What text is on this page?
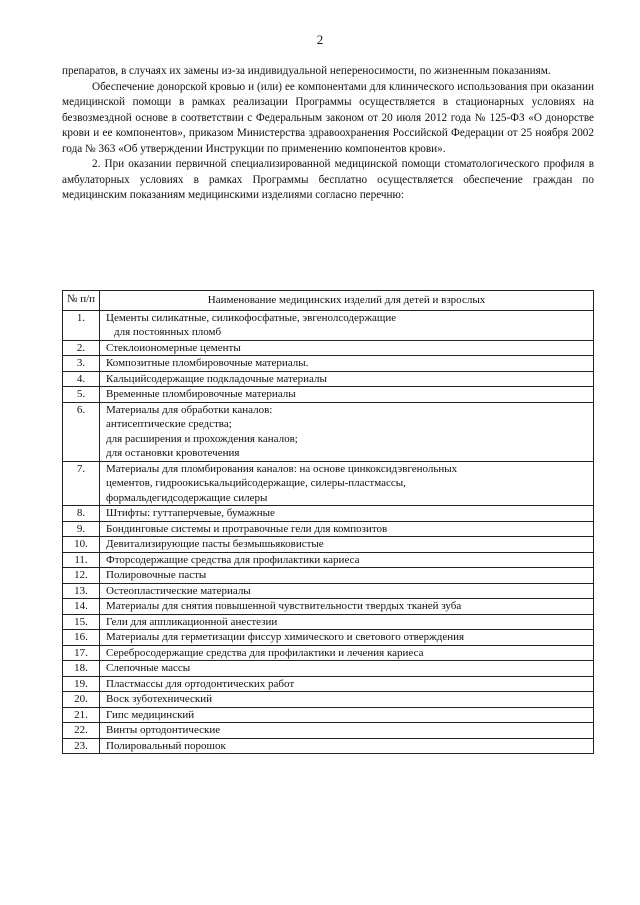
2

препаратов, в случаях их замены из-за индивидуальной непереносимости, по жизненным показаниям.

Обеспечение донорской кровью и (или) ее компонентами для клинического использования при оказании медицинской помощи в рамках реализации Программы осуществляется в стационарных условиях на безвозмездной основе в соответствии с Федеральным законом от 20 июля 2012 года № 125-ФЗ «О донорстве крови и ее компонентов», приказом Министерства здравоохранения Российской Федерации от 25 ноября 2002 года № 363 «Об утверждении Инструкции по применению компонентов крови».

2. При оказании первичной специализированной медицинской помощи стоматологического профиля в амбулаторных условиях в рамках Программы бесплатно осуществляется обеспечение граждан по медицинским показаниям медицинскими изделиями согласно перечню:

№ п/п	Наименование медицинских изделий для детей и взрослых
1.	Цементы силикатные, силикофосфатные, эвгенолсодержащие
для постоянных пломб

2.	Стеклоиономерные цементы

3.	Композитные пломбировочные материалы.

4.	Кальцийсодержащие подкладочные материалы

5.	Временные пломбировочные материалы

6.	Материалы для обработки каналов:
антисептические средства;
для расширения и прохождения каналов;
для остановки кровотечения

7.	Материалы для пломбирования каналов: на основе цинкоксидэвгенольных
цементов, гидроокиськальцийсодержащие, силеры-пластмассы,
формальдегидсодержащие силеры

8.	Штифты: гуттаперчевые, бумажные

9.	Бондинговые системы и протравочные гели для композитов

10.	Девитализирующие пасты безмышьяковистые

11.	Фторсодержащие средства для профилактики кариеса

12.	Полировочные пасты

13.	Остеопластические материалы

14.	Материалы для снятия повышенной чувствительности твердых тканей зуба

15.	Гели для аппликационной анестезии

16.	Материалы для герметизации фиссур химического и светового отверждения

17.	Серебросодержащие средства для профилактики и лечения кариеса

18.	Слепочные массы

19.	Пластмассы для ортодонтических работ

20.	Воск зуботехнический

21.	Гипс медицинский

22.	Винты ортодонтические

23.	Полировальный порошок
